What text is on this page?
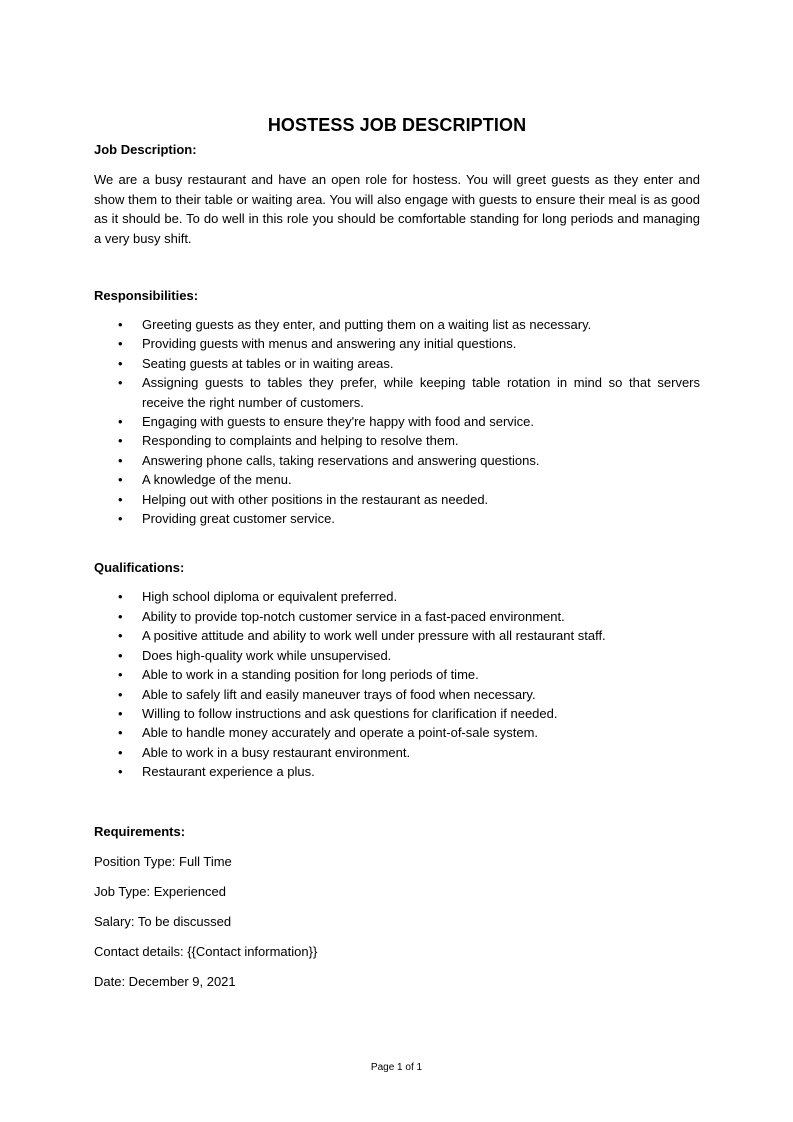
HOSTESS JOB DESCRIPTION
Job Description:

We are a busy restaurant and have an open role for hostess. You will greet guests as they enter and show them to their table or waiting area. You will also engage with guests to ensure their meal is as good as it should be. To do well in this role you should be comfortable standing for long periods and managing a very busy shift.

Responsibilities:
• Greeting guests as they enter, and putting them on a waiting list as necessary.
• Providing guests with menus and answering any initial questions.
• Seating guests at tables or in waiting areas.
• Assigning guests to tables they prefer, while keeping table rotation in mind so that servers receive the right number of customers.
• Engaging with guests to ensure they're happy with food and service.
• Responding to complaints and helping to resolve them.
• Answering phone calls, taking reservations and answering questions.
• A knowledge of the menu.
• Helping out with other positions in the restaurant as needed.
• Providing great customer service.
Qualifications:
• High school diploma or equivalent preferred.
• Ability to provide top-notch customer service in a fast-paced environment.
• A positive attitude and ability to work well under pressure with all restaurant staff.
• Does high-quality work while unsupervised.
• Able to work in a standing position for long periods of time.
• Able to safely lift and easily maneuver trays of food when necessary.
• Willing to follow instructions and ask questions for clarification if needed.
• Able to handle money accurately and operate a point-of-sale system.
• Able to work in a busy restaurant environment.
• Restaurant experience a plus.
Requirements:

Position Type: Full Time

Job Type: Experienced

Salary: To be discussed

Contact details: {{Contact information}}

Date: December 9, 2021

Page 1 of 1
